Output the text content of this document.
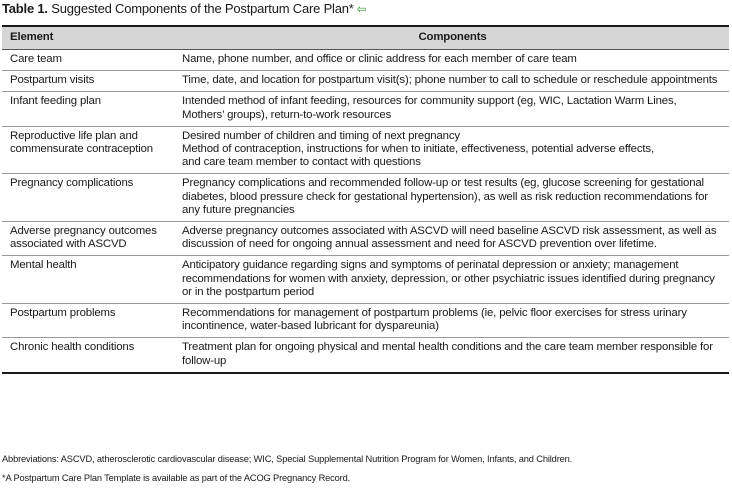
Table 1. Suggested Components of the Postpartum Care Plan* ⇦
Element	Components

Care team	Name, phone number, and office or clinic address for each member of care team

Postpartum visits	Time, date, and location for postpartum visit(s); phone number to call to schedule or reschedule appointments

Infant feeding plan	Intended method of infant feeding, resources for community support (eg, WIC, Lactation Warm Lines,
Mothers’ groups), return-to-work resources

Reproductive life plan and
commensurate contraception	Desired number of children and timing of next pregnancy
Method of contraception, instructions for when to initiate, effectiveness, potential adverse effects,
and care team member to contact with questions

Pregnancy complications	Pregnancy complications and recommended follow-up or test results (eg, glucose screening for gestational
diabetes, blood pressure check for gestational hypertension), as well as risk reduction recommendations for
any future pregnancies

Adverse pregnancy outcomes
associated with ASCVD	Adverse pregnancy outcomes associated with ASCVD will need baseline ASCVD risk assessment, as well as
discussion of need for ongoing annual assessment and need for ASCVD prevention over lifetime.

Mental health	Anticipatory guidance regarding signs and symptoms of perinatal depression or anxiety; management
recommendations for women with anxiety, depression, or other psychiatric issues identified during pregnancy
or in the postpartum period

Postpartum problems	Recommendations for management of postpartum problems (ie, pelvic floor exercises for stress urinary
incontinence, water-based lubricant for dyspareunia)

Chronic health conditions	Treatment plan for ongoing physical and mental health conditions and the care team member responsible for
follow-up
Abbreviations: ASCVD, atherosclerotic cardiovascular disease; WIC, Special Supplemental Nutrition Program for Women, Infants, and Children.
*A Postpartum Care Plan Template is available as part of the ACOG Pregnancy Record.
